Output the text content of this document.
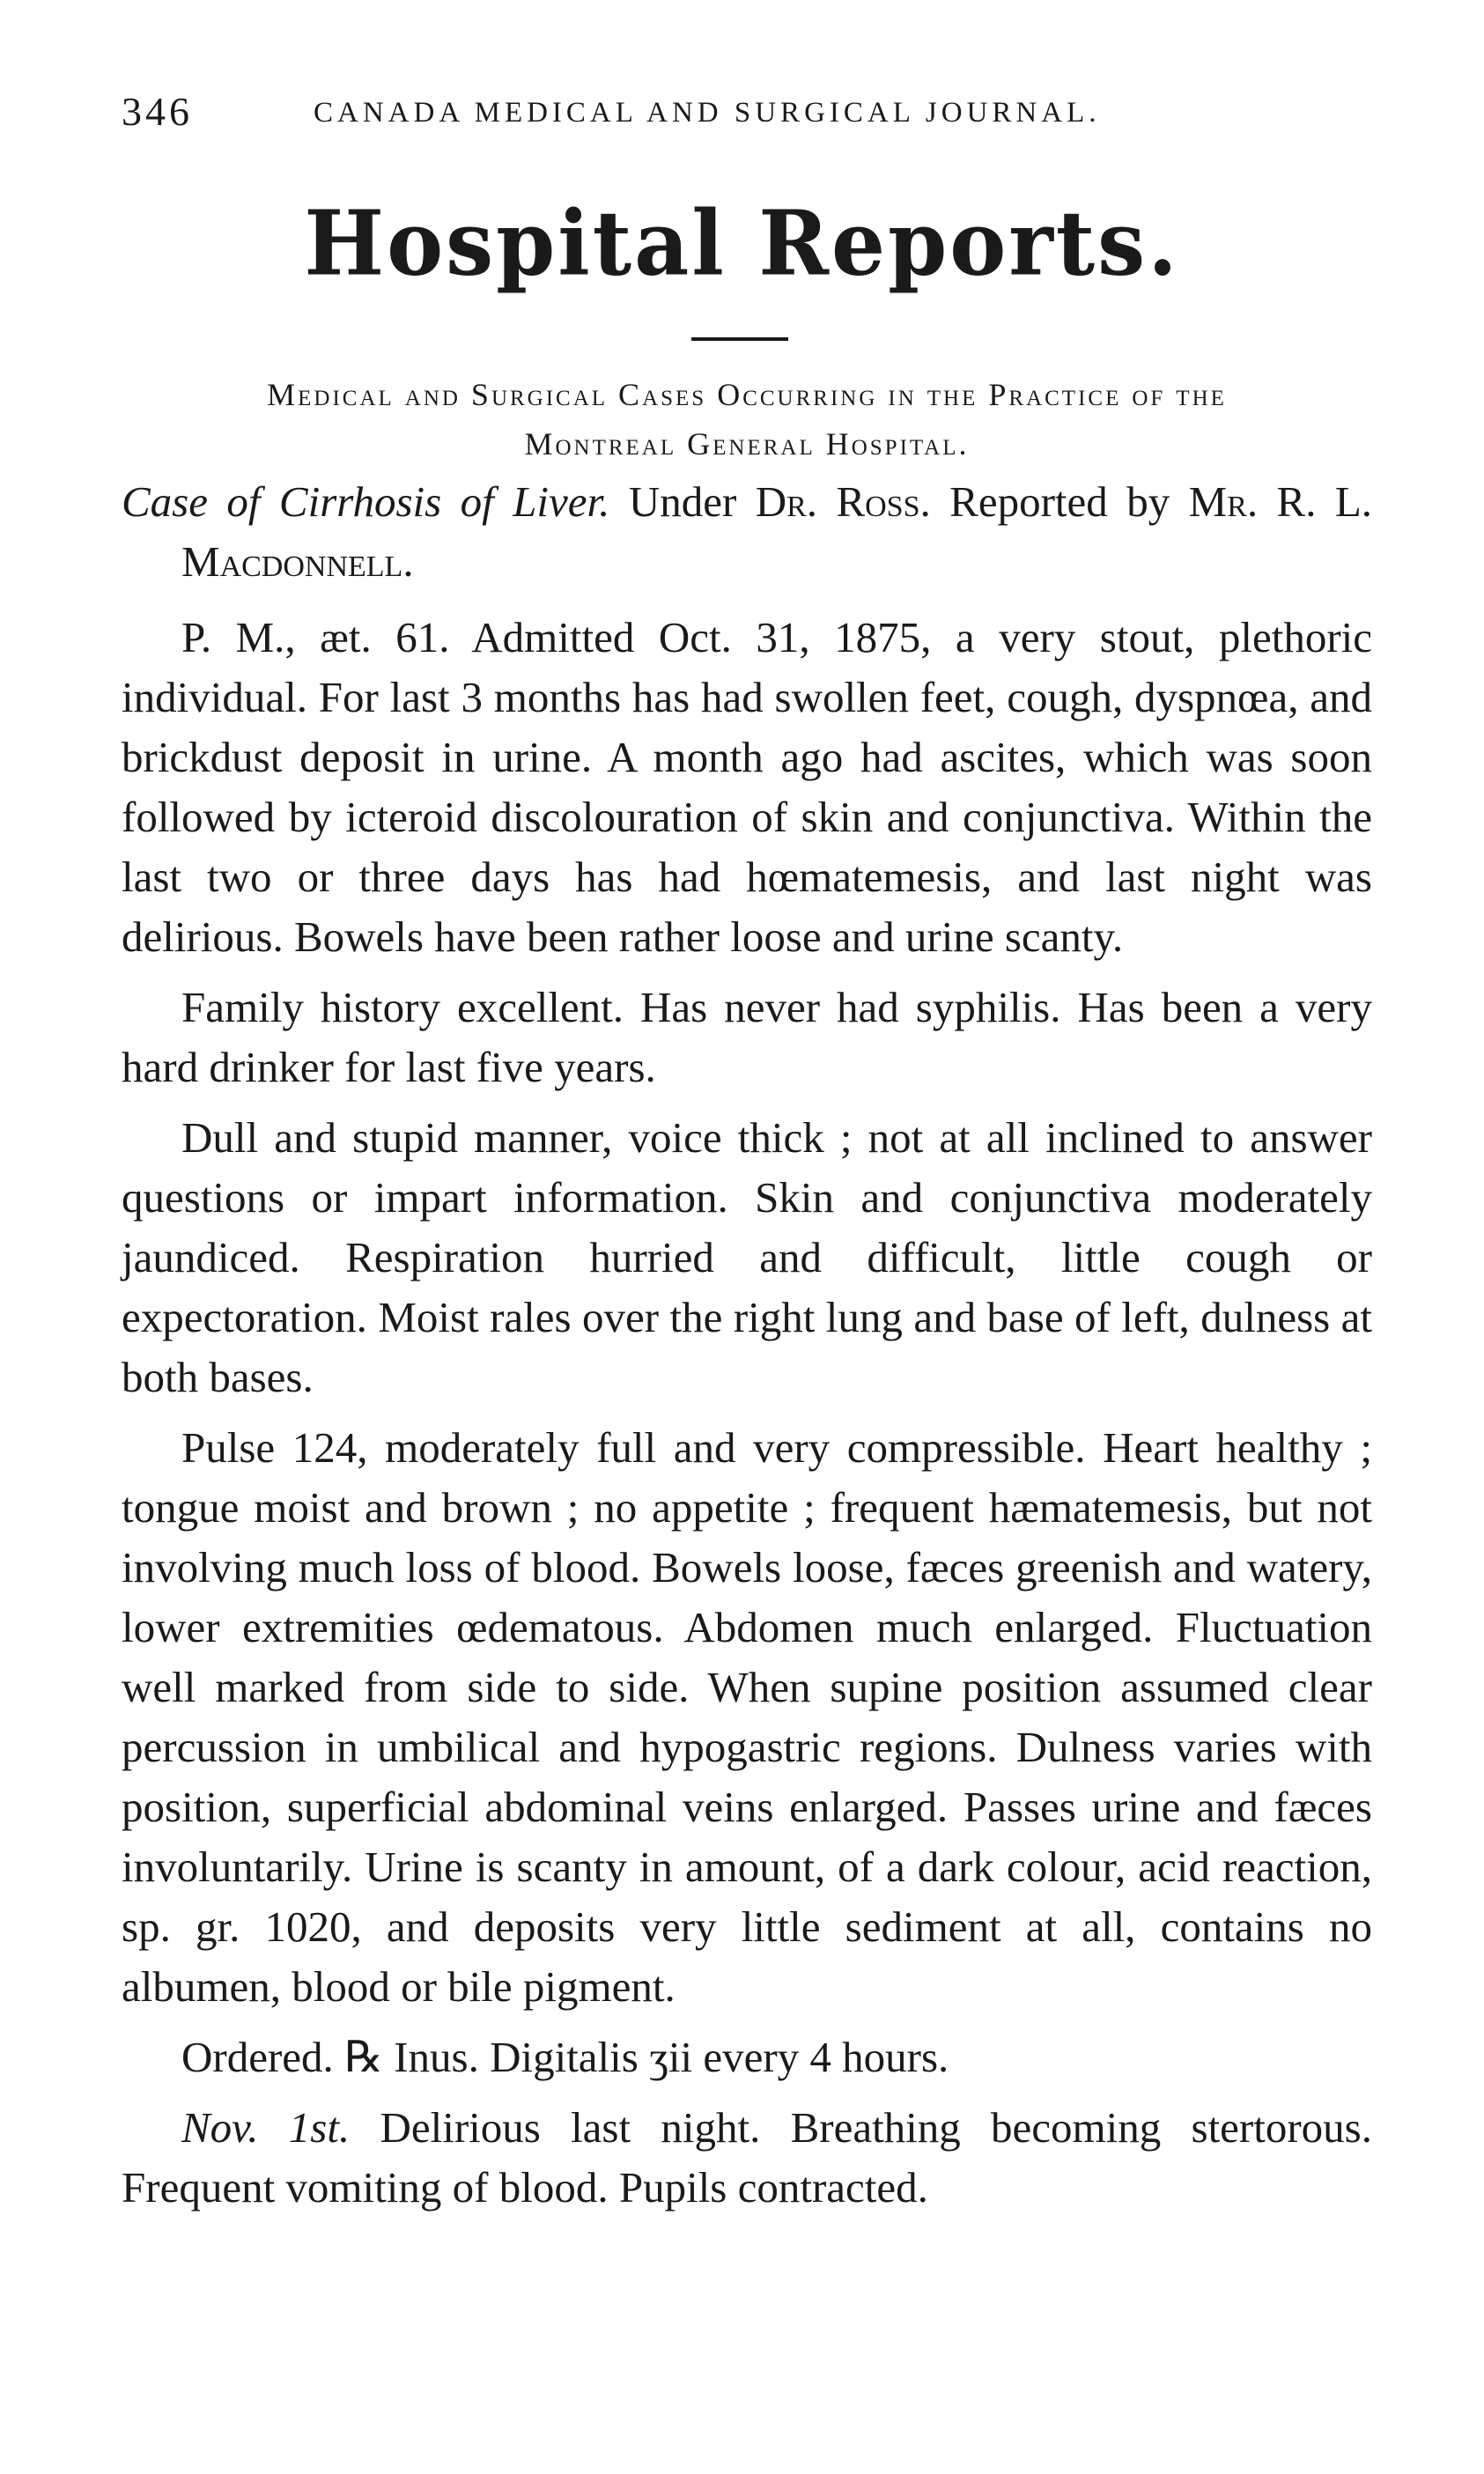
346	CANADA MEDICAL AND SURGICAL JOURNAL.
Hospital Reports.
Medical and Surgical Cases Occurring in the Practice of the
Montreal General Hospital.

Case of Cirrhosis of Liver. Under Dr. Ross. Reported by Mr. R. L. Macdonnell.

P. M., æt. 61. Admitted Oct. 31, 1875, a very stout, plethoric individual. For last 3 months has had swollen feet, cough, dyspnœa, and brickdust deposit in urine. A month ago had ascites, which was soon followed by icteroid discolouration of skin and conjunctiva. Within the last two or three days has had hœmatemesis, and last night was delirious. Bowels have been rather loose and urine scanty.

Family history excellent. Has never had syphilis. Has been a very hard drinker for last five years.

Dull and stupid manner, voice thick ; not at all inclined to answer questions or impart information. Skin and conjunctiva moderately jaundiced. Respiration hurried and difficult, little cough or expectoration. Moist rales over the right lung and base of left, dulness at both bases.

Pulse 124, moderately full and very compressible. Heart healthy ; tongue moist and brown ; no appetite ; frequent hæmatemesis, but not involving much loss of blood. Bowels loose, fæces greenish and watery, lower extremities œdematous. Abdomen much enlarged. Fluctuation well marked from side to side. When supine position assumed clear percussion in umbilical and hypogastric regions. Dulness varies with position, superficial abdominal veins enlarged. Passes urine and fæces involuntarily. Urine is scanty in amount, of a dark colour, acid reaction, sp. gr. 1020, and deposits very little sediment at all, contains no albumen, blood or bile pigment.

Ordered. ℞ Inus. Digitalis ʒii every 4 hours.

Nov. 1st. Delirious last night. Breathing becoming stertorous. Frequent vomiting of blood. Pupils contracted.
